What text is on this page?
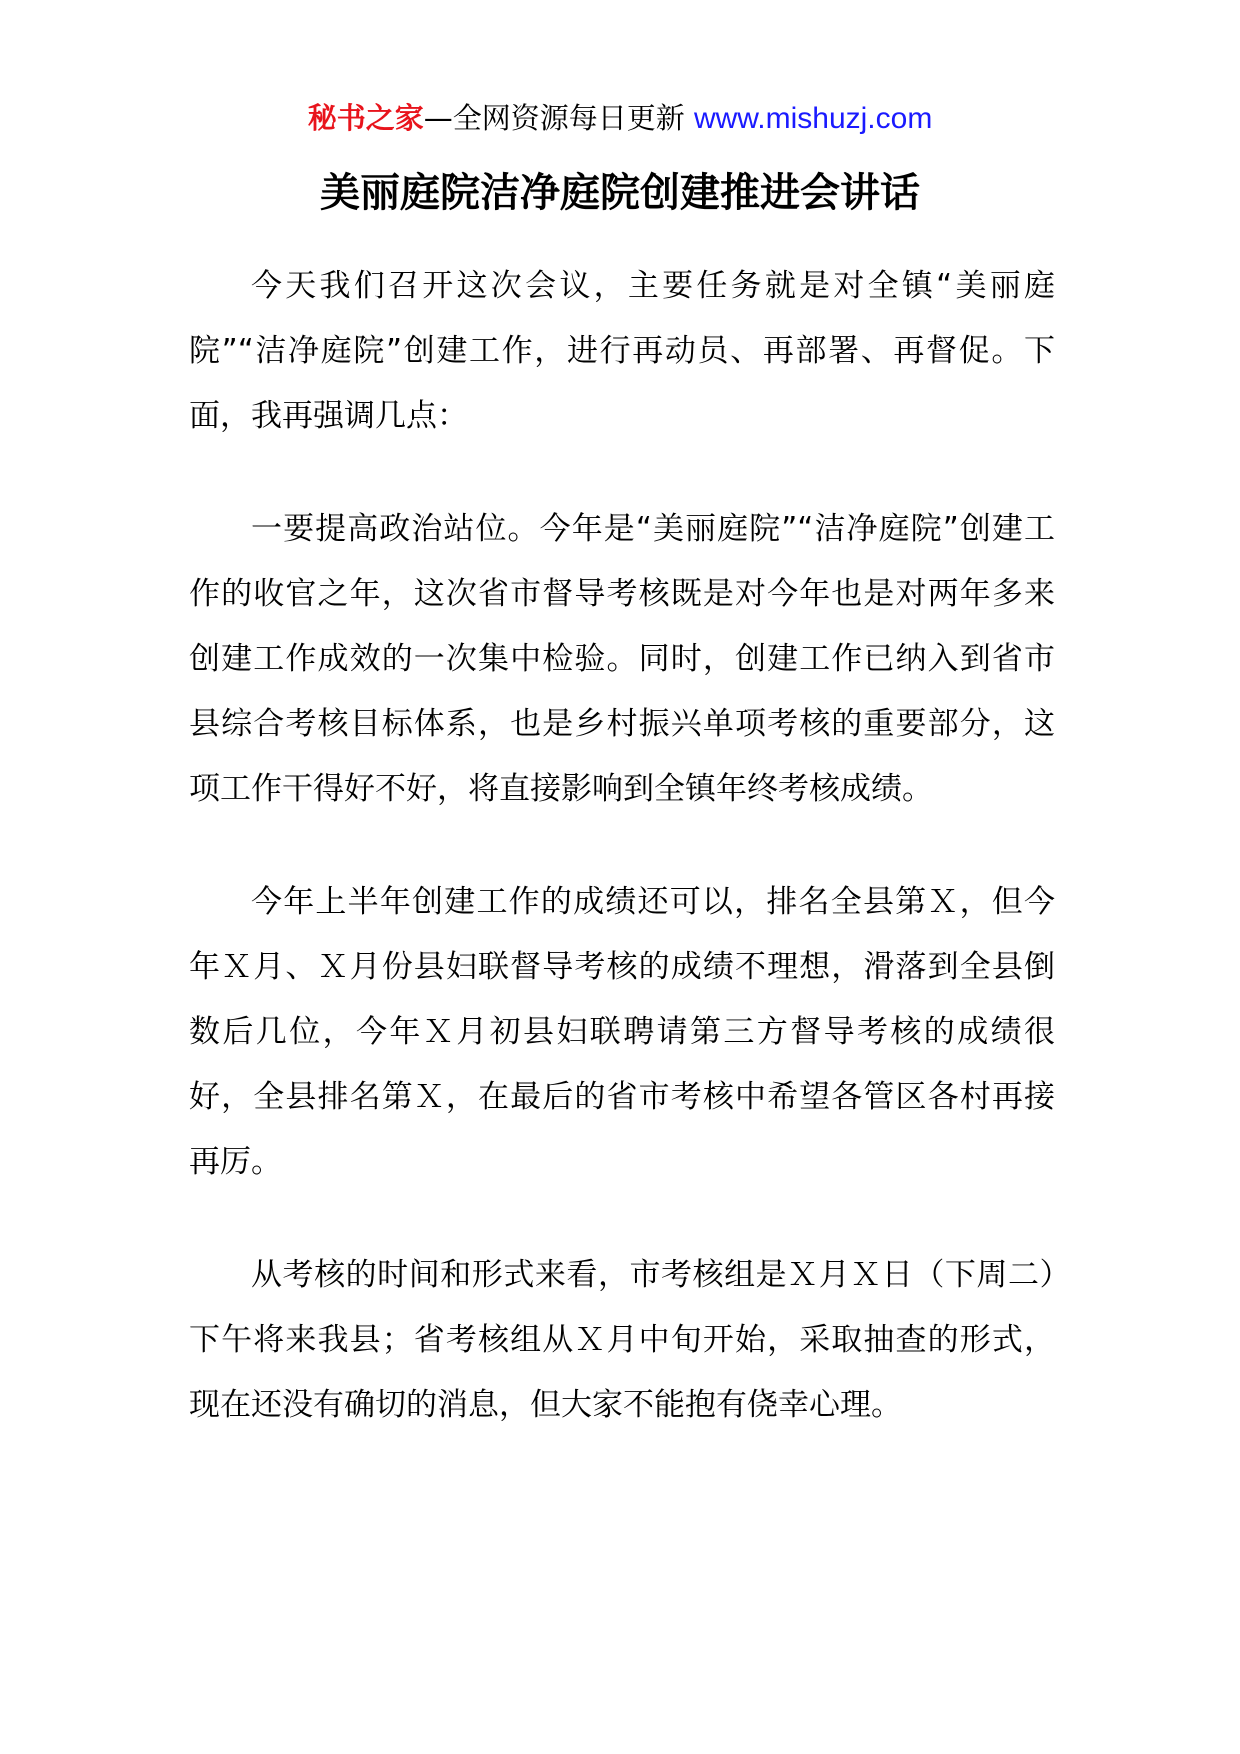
秘书之家—全网资源每日更新 www.mishuzj.com
美丽庭院洁净庭院创建推进会讲话

今天我们召开这次会议，主要任务就是对全镇“美丽庭院”“洁净庭院”创建工作，进行再动员、再部署、再督促。下面，我再强调几点：

一要提高政治站位。今年是“美丽庭院”“洁净庭院”创建工作的收官之年，这次省市督导考核既是对今年也是对两年多来创建工作成效的一次集中检验。同时，创建工作已纳入到省市县综合考核目标体系，也是乡村振兴单项考核的重要部分，这项工作干得好不好，将直接影响到全镇年终考核成绩。

今年上半年创建工作的成绩还可以，排名全县第Ｘ，但今年Ｘ月、Ｘ月份县妇联督导考核的成绩不理想，滑落到全县倒数后几位，今年Ｘ月初县妇联聘请第三方督导考核的成绩很好，全县排名第Ｘ，在最后的省市考核中希望各管区各村再接再厉。

从考核的时间和形式来看，市考核组是Ｘ月Ｘ日（下周二）下午将来我县；省考核组从Ｘ月中旬开始，采取抽查的形式，现在还没有确切的消息，但大家不能抱有侥幸心理。
